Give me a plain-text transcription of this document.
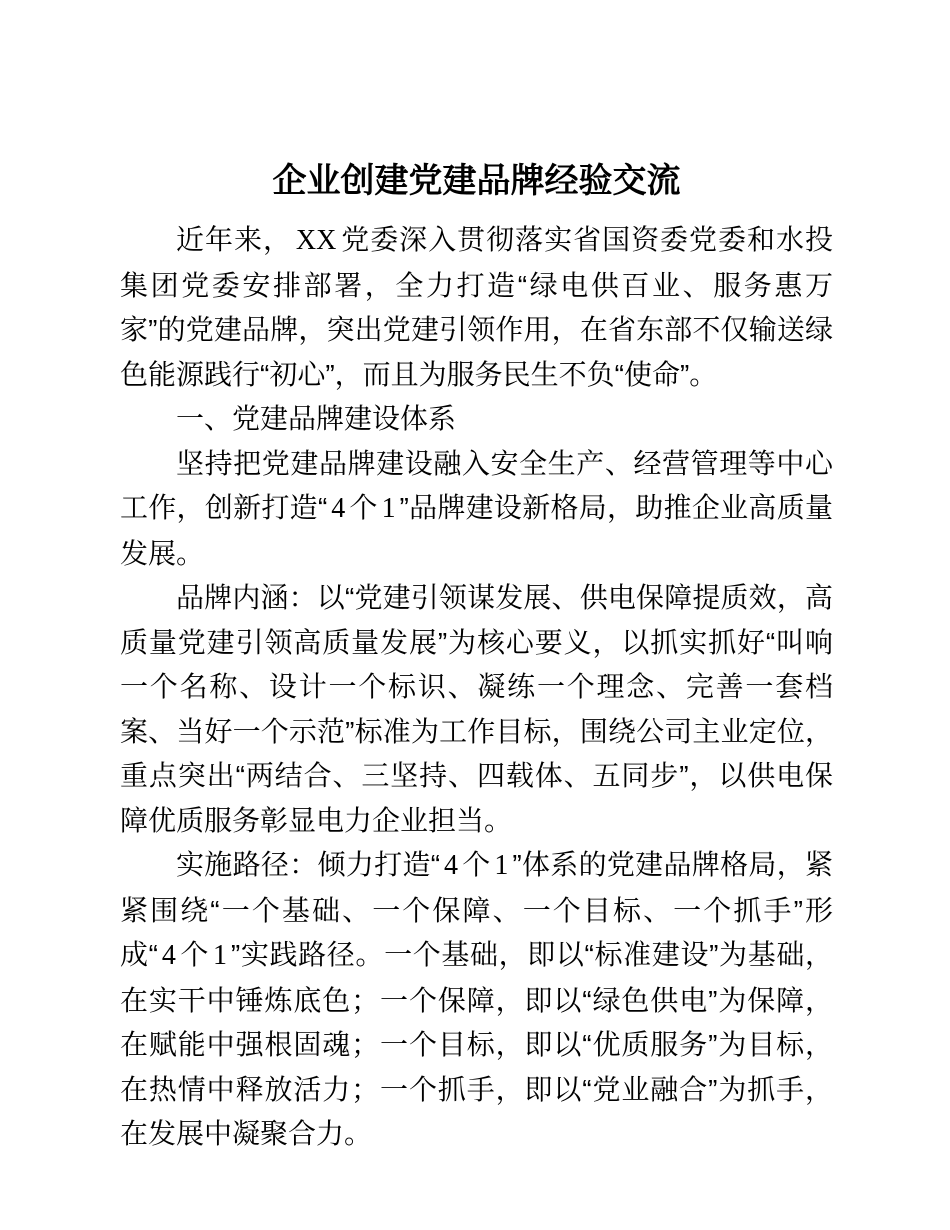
企业创建党建品牌经验交流

近年来， XX 党委深入贯彻落实省国资委党委和水投集团党委安排部署，全力打造“绿电供百业、服务惠万家”的党建品牌，突出党建引领作用，在省东部不仅输送绿色能源践行“初心”，而且为服务民生不负“使命”。

一、党建品牌建设体系

坚持把党建品牌建设融入安全生产、经营管理等中心工作，创新打造“ 4 个 1 ”品牌建设新格局，助推企业高质量发展。

品牌内涵：以“党建引领谋发展、供电保障提质效，高质量党建引领高质量发展”为核心要义，以抓实抓好“叫响一个名称、设计一个标识、凝练一个理念、完善一套档案、当好一个示范”标准为工作目标，围绕公司主业定位，重点突出“两结合、三坚持、四载体、五同步”，以供电保障优质服务彰显电力企业担当。

实施路径：倾力打造“ 4 个 1 ”体系的党建品牌格局，紧紧围绕“一个基础、一个保障、一个目标、一个抓手”形成“ 4 个 1 ”实践路径。一个基础，即以“标准建设”为基础，在实干中锤炼底色；一个保障，即以“绿色供电”为保障，在赋能中强根固魂；一个目标，即以“优质服务”为目标，在热情中释放活力；一个抓手，即以“党业融合”为抓手，在发展中凝聚合力。
